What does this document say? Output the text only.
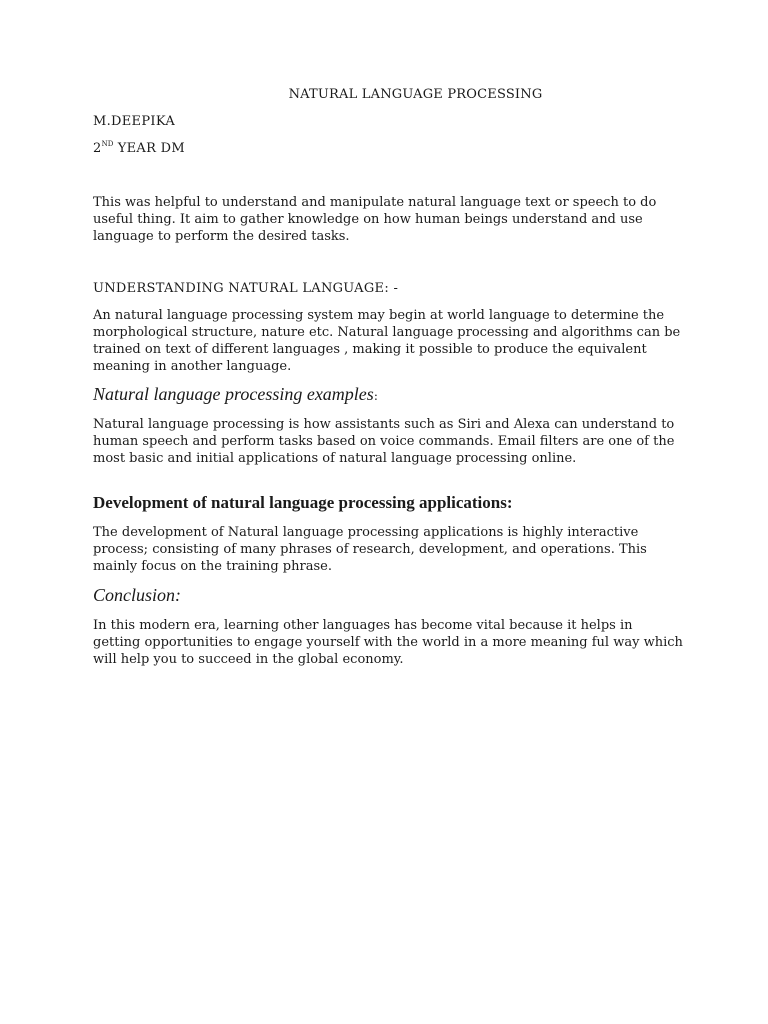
NATURAL LANGUAGE PROCESSING
M.DEEPIKA
2ND YEAR DM
This was helpful to understand and manipulate natural language text or speech to do useful thing. It aim to gather knowledge on how human beings understand and use language to perform the desired tasks.
UNDERSTANDING NATURAL LANGUAGE: -
An natural language processing system may begin at world language to determine the morphological structure, nature etc. Natural language processing and algorithms can be trained on text of different languages , making it possible to produce the equivalent meaning in another language.
Natural language processing examples:
Natural language processing is how assistants such as Siri and Alexa can understand to human speech and perform tasks based on voice commands. Email filters are one of the most basic and initial applications of natural language processing online.
Development of natural language processing applications:
The development of Natural language processing applications is highly interactive process; consisting of many phrases of research, development, and operations. This mainly focus on the training phrase.
Conclusion:
In this modern era, learning other languages has become vital because it helps in getting opportunities to engage yourself with the world in a more meaning ful way which will help you to succeed in the global economy.
